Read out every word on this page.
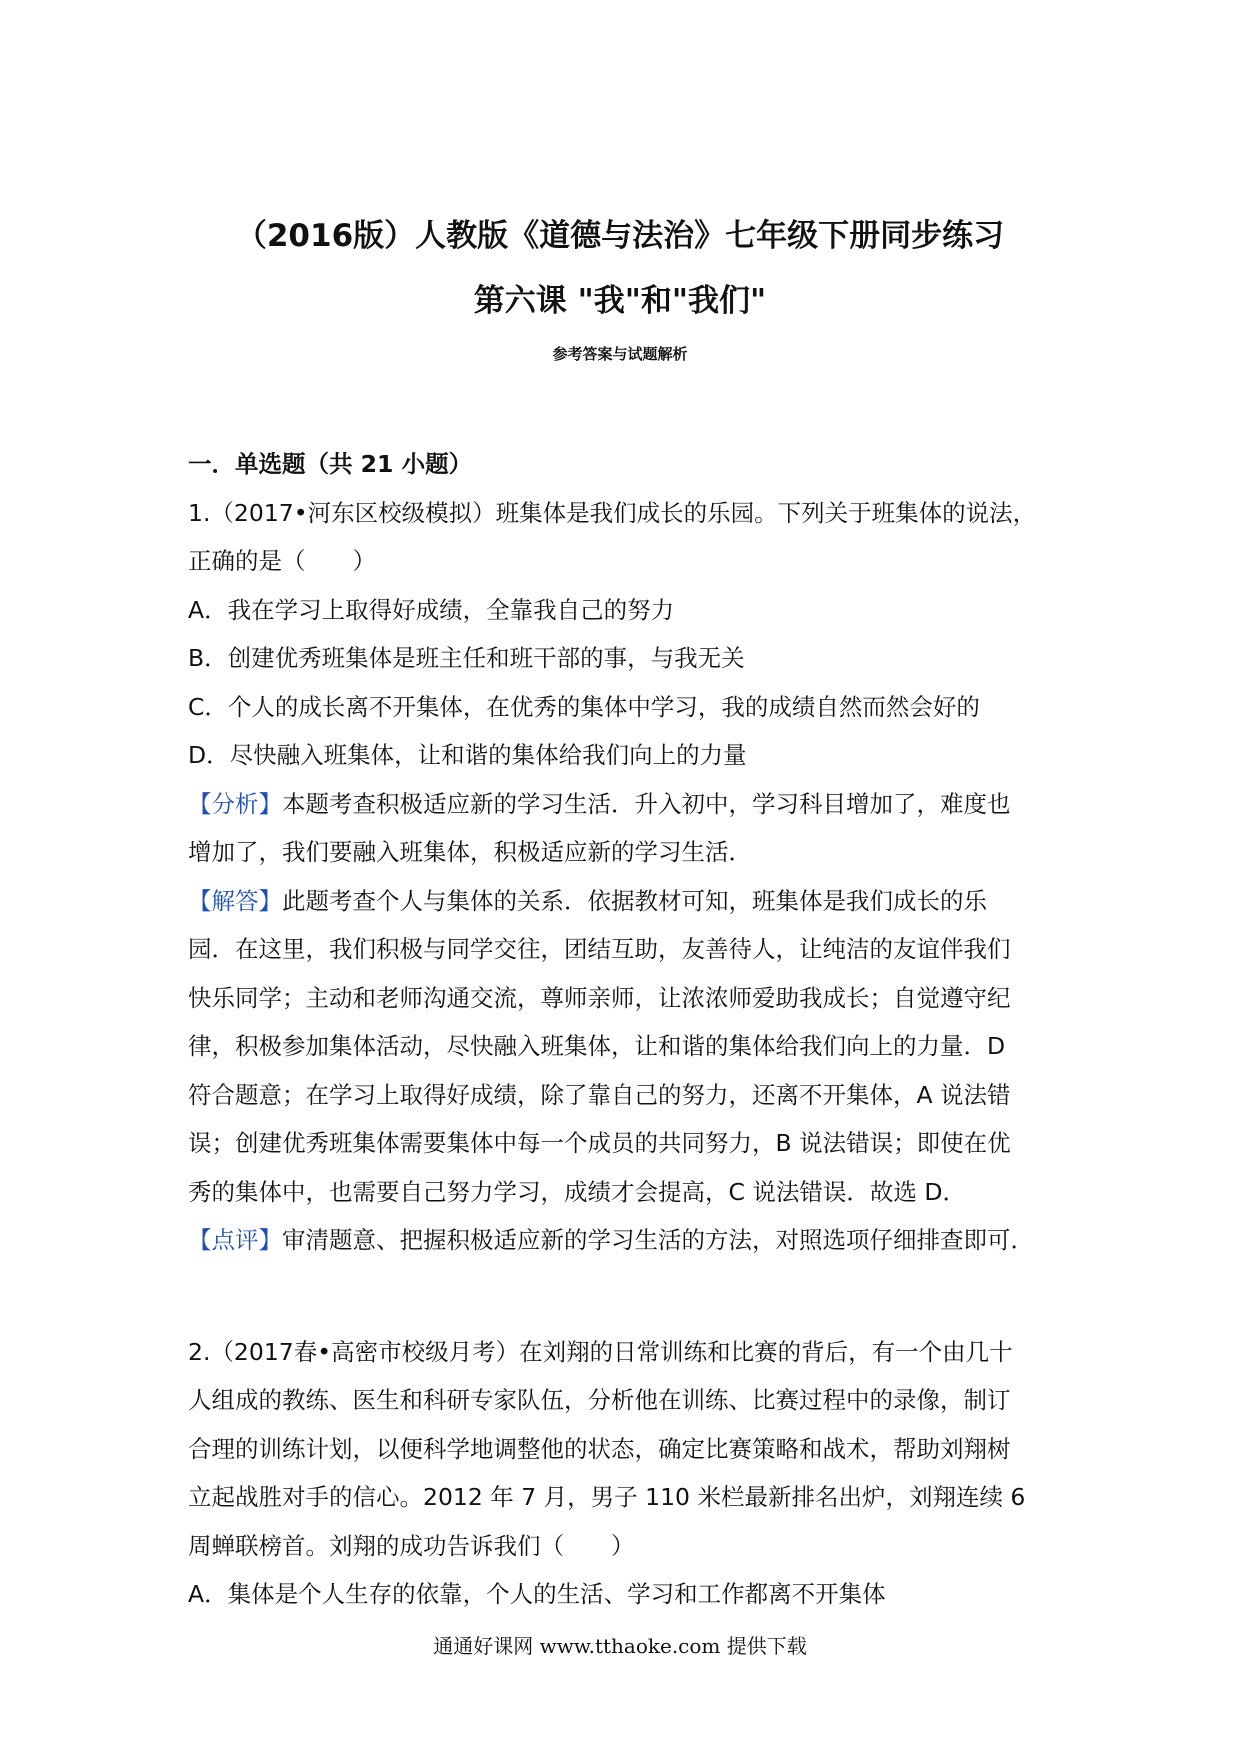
（2016版）人教版《道德与法治》七年级下册同步练习
第六课 "我"和"我们"
参考答案与试题解析
一．单选题（共 21 小题）
1.（2017•河东区校级模拟）班集体是我们成长的乐园。下列关于班集体的说法，
正确的是（　　）
A．我在学习上取得好成绩，全靠我自己的努力
B．创建优秀班集体是班主任和班干部的事，与我无关
C．个人的成长离不开集体，在优秀的集体中学习，我的成绩自然而然会好的
D．尽快融入班集体，让和谐的集体给我们向上的力量
【分析】本题考查积极适应新的学习生活．升入初中，学习科目增加了，难度也
增加了，我们要融入班集体，积极适应新的学习生活．
【解答】此题考查个人与集体的关系．依据教材可知，班集体是我们成长的乐
园．在这里，我们积极与同学交往，团结互助，友善待人，让纯洁的友谊伴我们
快乐同学；主动和老师沟通交流，尊师亲师，让浓浓师爱助我成长；自觉遵守纪
律，积极参加集体活动，尽快融入班集体，让和谐的集体给我们向上的力量．D
符合题意；在学习上取得好成绩，除了靠自己的努力，还离不开集体，A 说法错
误；创建优秀班集体需要集体中每一个成员的共同努力，B 说法错误；即使在优
秀的集体中，也需要自己努力学习，成绩才会提高，C 说法错误．故选 D．
【点评】审清题意、把握积极适应新的学习生活的方法，对照选项仔细排查即可．
2.（2017春•高密市校级月考）在刘翔的日常训练和比赛的背后，有一个由几十
人组成的教练、医生和科研专家队伍，分析他在训练、比赛过程中的录像，制订
合理的训练计划，以便科学地调整他的状态，确定比赛策略和战术，帮助刘翔树
立起战胜对手的信心。2012 年 7 月，男子 110 米栏最新排名出炉，刘翔连续 6
周蝉联榜首。刘翔的成功告诉我们（　　）
A．集体是个人生存的依靠，个人的生活、学习和工作都离不开集体
通通好课网 www.tthaoke.com 提供下载
